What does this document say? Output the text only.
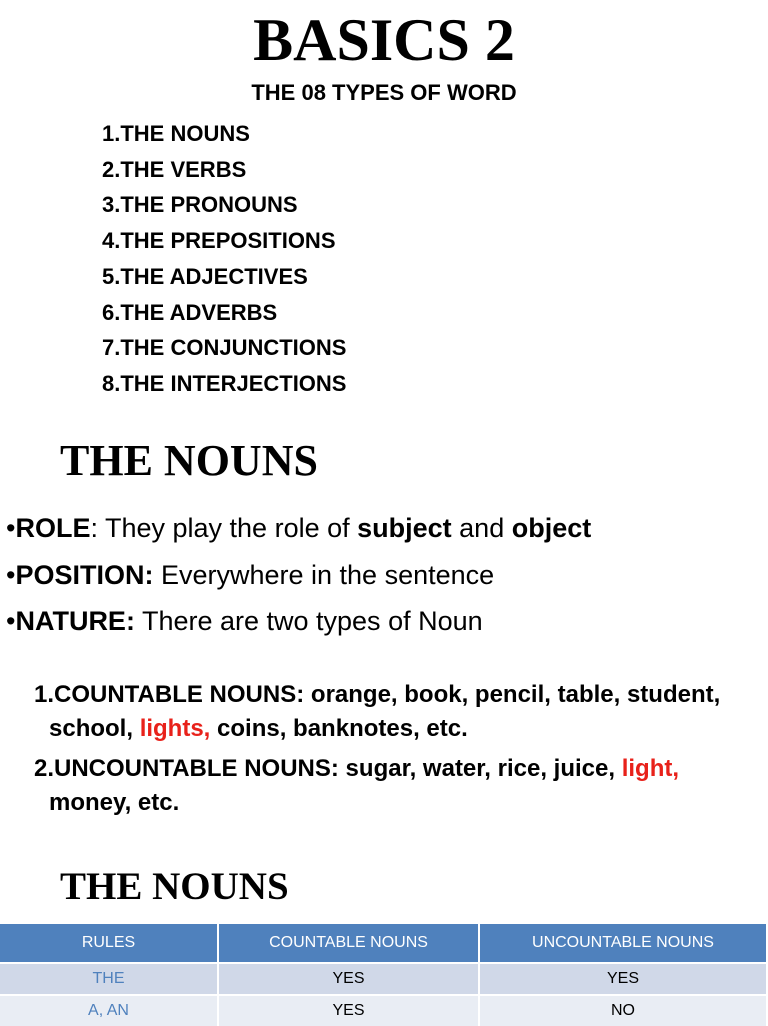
BASICS 2
THE 08 TYPES OF WORD
1.THE NOUNS
2.THE VERBS
3.THE PRONOUNS
4.THE PREPOSITIONS
5.THE ADJECTIVES
6.THE ADVERBS
7.THE CONJUNCTIONS
8.THE INTERJECTIONS
THE NOUNS
•ROLE: They play the role of subject and object
•POSITION: Everywhere in the sentence
•NATURE: There are two types of Noun
1.COUNTABLE NOUNS: orange, book, pencil, table, student, school, lights, coins, banknotes, etc.
2.UNCOUNTABLE NOUNS: sugar, water, rice, juice, light, money, etc.
THE NOUNS
RULES	COUNTABLE NOUNS	UNCOUNTABLE NOUNS
THE	YES	YES
A, AN	YES	NO
